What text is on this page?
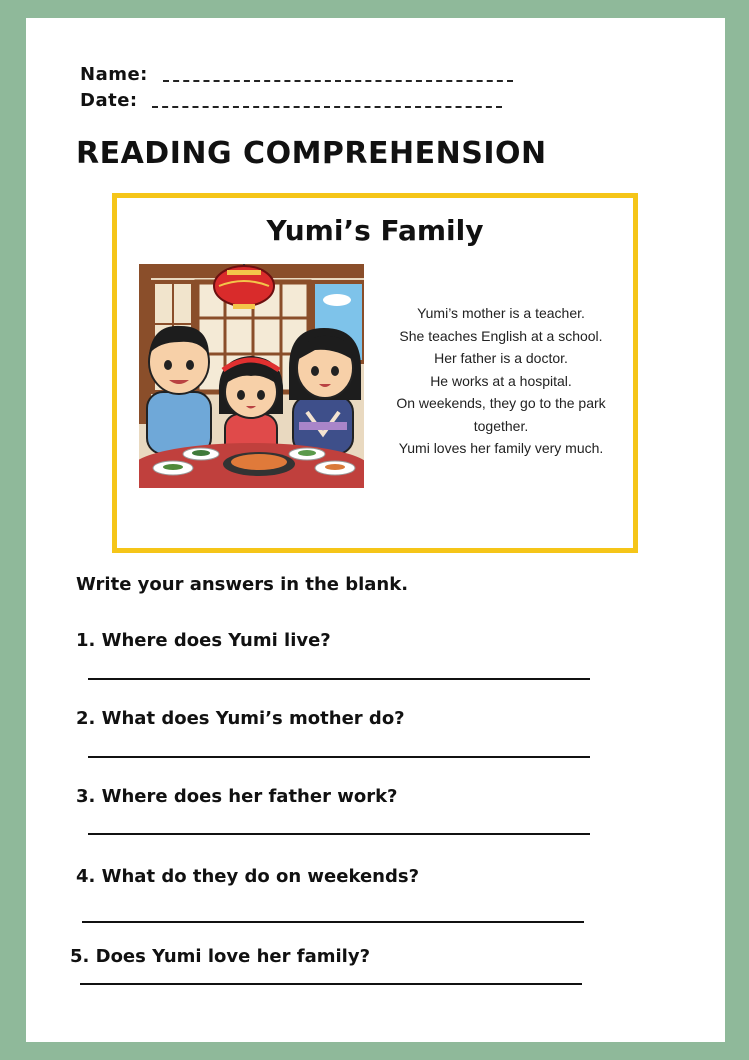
Name:
Date:
READING COMPREHENSION
Yumi’s Family
Yumi’s mother is a teacher.
She teaches English at a school.
Her father is a doctor.
He works at a hospital.
On weekends, they go to the park
together.
Yumi loves her family very much.
Write your answers in the blank.
1. Where does Yumi live?
2. What does Yumi’s mother do?
3. Where does her father work?
4. What do they do on weekends?
5. Does Yumi love her family?
